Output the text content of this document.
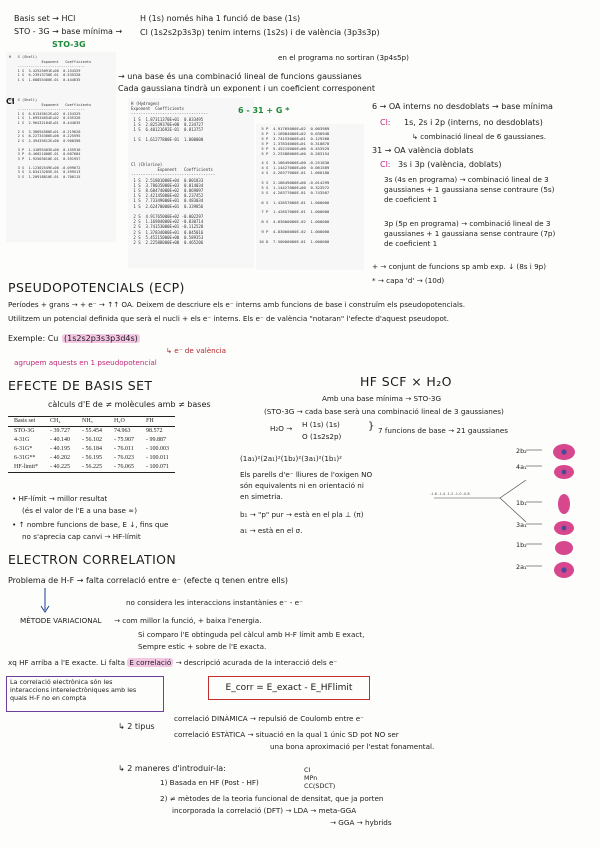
Basis set → HCl
STO - 3G → base mínima →
STO-3G
H (1s) només hiha 1 funció de base (1s)
Cl (1s2s2p3s3p) tenim interns (1s2s) i de valència (3p3s3p)
en el programa no sortiran (3p4s5p)
→ una base és una combinació lineal de funcions gaussianes
Cada gaussiana tindrà un exponent i un coeficient corresponent
H   S (Shell)
Exponent   Coefficients
-------------------------------
1 S  3.42525091E+00  0.154329
1 S  6.23913730E-01  0.535328
1 S  1.68855400E-01  0.444635
Cl
Cl  S (Shell)
Exponent   Coefficients
-------------------------------
1 S  6.01345612E+02  0.154329
1 S  1.09534654E+02  0.535328
1 S  2.96432104E+01  0.444635

2 S  3.38694588E+01 -0.219620
2 S  8.22734306E+00  0.225595
2 S  2.49435612E+00  0.900398

3 P  1.41095403E+00  0.155916
3 P  6.46021008E-01  0.607684
3 P  1.92503010E-01  0.391957

3 S  1.12302549E+00 -0.099672
3 S  3.83413205E-01  0.399513
3 S  1.20918810E-01  0.700115
H (Hydrogen)
Exponent  Coefficients
--------------------------------
1 S  1.87311370E+01  0.033495
1 S  2.82539370E+00  0.234727
1 S  6.40121692E-01  0.813757

1 S  1.61277800E-01  1.000000
Cl (Chlorine)
Exponent   Coefficients
-----------------------------------
1 S  2.51801000E+04  0.001833
1 S  3.78035000E+03  0.014034
1 S  8.60474000E+02  0.069097
1 S  2.42145000E+02  0.237452
1 S  7.73349000E+01  0.483034
1 S  2.62470000E+01  0.339856

2 S  4.91765000E+02 -0.002297
2 S  1.16984000E+02 -0.030714
2 S  3.74153000E+01 -0.112528
2 S  1.37834000E+01  0.045016
2 S  5.45215000E+00  0.589353
2 S  2.22588000E+00  0.465206
6 - 31 + G *
5 P  4.91765000E+02  0.003989
5 P  1.16984000E+02  0.030948
5 P  3.74153000E+01  0.129268
5 P  1.37834000E+01  0.310870
5 P  5.45215000E+00  0.453529
5 P  2.22588000E+00  0.283154

4 S  3.18649000E+00 -0.251830
4 S  1.14427000E+00  0.061589
4 S  4.20377000E-01  1.060180

5 S  2.18649000E+00 -0.014299
5 S  1.14427000E+00  0.323572
5 S  4.20377000E-01  0.743507

6 S  1.42657000E-01  1.000000

7 P  1.42657000E-01  1.000000

8 S  4.83000000E-02  1.000000

9 P  4.83000000E-02  1.000000

10 D  7.50000000E-01  1.000000
6 → OA interns no desdoblats → base mínima
Cl: 1s, 2s i 2p (interns, no desdoblats)
↳ combinació lineal de 6 gaussianes.
31 → OA valència doblats
Cl: 3s i 3p (valència, doblats)
3s (4s en programa) → combinació lineal de 3
gaussianes + 1 gaussiana sense contraure (5s)
de coeficient 1
3p (5p en programa) → combinació lineal de 3
gaussianes + 1 gaussiana sense contraure (7p)
de coeficient 1
+ → conjunt de funcions sp amb exp. ↓ (8s i 9p)
* → capa 'd' → (10d)
PSEUDOPOTENCIALS (ECP)
Períodes + grans → + e⁻ → ↑↑ OA. Deixem de descriure els e⁻ interns amb funcions de base i construïm els pseudopotencials.
Utilitzem un potencial definida que serà el nucli + els e⁻ interns. Els e⁻ de valència "notaran" l'efecte d'aquest pseudopot.
Exemple: Cu (1s2s2p3s3p3d4s)
↳ e⁻ de valència
agrupem aquests en 1 pseudopotencial
EFECTE DE BASIS SET
càlculs d'E de ≠ molècules amb ≠ bases
Basis set	CH₄	NH₃	H₂O	FH
STO-3G	- 39.727	- 55.454	74.963	98.572
4-31G	- 40.140	- 56.102	- 75.907	- 99.887
6-31G*	- 40.195	- 56.184	- 76.011	- 100.003
6-31G**	- 40.202	- 56.195	- 76.023	- 100.011
HF-limit*	- 40.225	- 56.225	- 76.065	- 100.071
• HF-límit → millor resultat
(és el valor de l'E a una base ∞)
• ↑ nombre funcions de base, E ↓, fins que
no s'aprecia cap canvi → HF-límit
HF SCF × H₂O
Amb una base mínima → STO-3G
(STO-3G → cada base serà una combinació lineal de 3 gaussianes)
H₂O → H (1s) (1s)
O (1s2s2p)
} 7 funcions de base → 21 gaussianes
(1a₁)²(2a₁)²(1b₂)²(3a₁)²(1b₁)²
Els parells d'e⁻ lliures de l'oxigen NO
són equivalents ni en orientació ni
en simetria.
b₁ → "p" pur → està en el pla ⊥ (π)
a₁ → està en el σ.
2b₂
4a₁
1b₁
3a₁
1b₂
2a₁
-1.6 -1.4 -1.2 -1.0 -0.8
ELECTRON CORRELATION
Problema de H-F → falta correlació entre e⁻ (efecte q tenen entre ells)
no considera les interaccions instantànies e⁻ - e⁻
MÈTODE VARIACIONAL → com millor la funció, + baixa l'energia.
Si comparo l'E obtinguda pel càlcul amb H-F límit amb E exact,
Sempre estic + sobre de l'E exacta.
xq HF arriba a l'E exacte. Li falta E correlació → descripció acurada de la interacció dels e⁻
La correlació electrònica són les
interaccions interelectròniques amb les
quals H-F no en compta
E_corr = E_exact - E_HFlimit
↳ 2 tipus
correlació DINÀMICA → repulsió de Coulomb entre e⁻
correlació ESTÀTICA → situació en la qual 1 únic SD pot NO ser
una bona aproximació per l'estat fonamental.
↳ 2 maneres d'introduir-la:
1) Basada en HF (Post - HF)
CI
MPn
CC(SDCT)
2) ≠ mètodes de la teoria funcional de densitat, que ja porten
incorporada la correlació (DFT) → LDA → meta-GGA
→ GGA → hybrids
